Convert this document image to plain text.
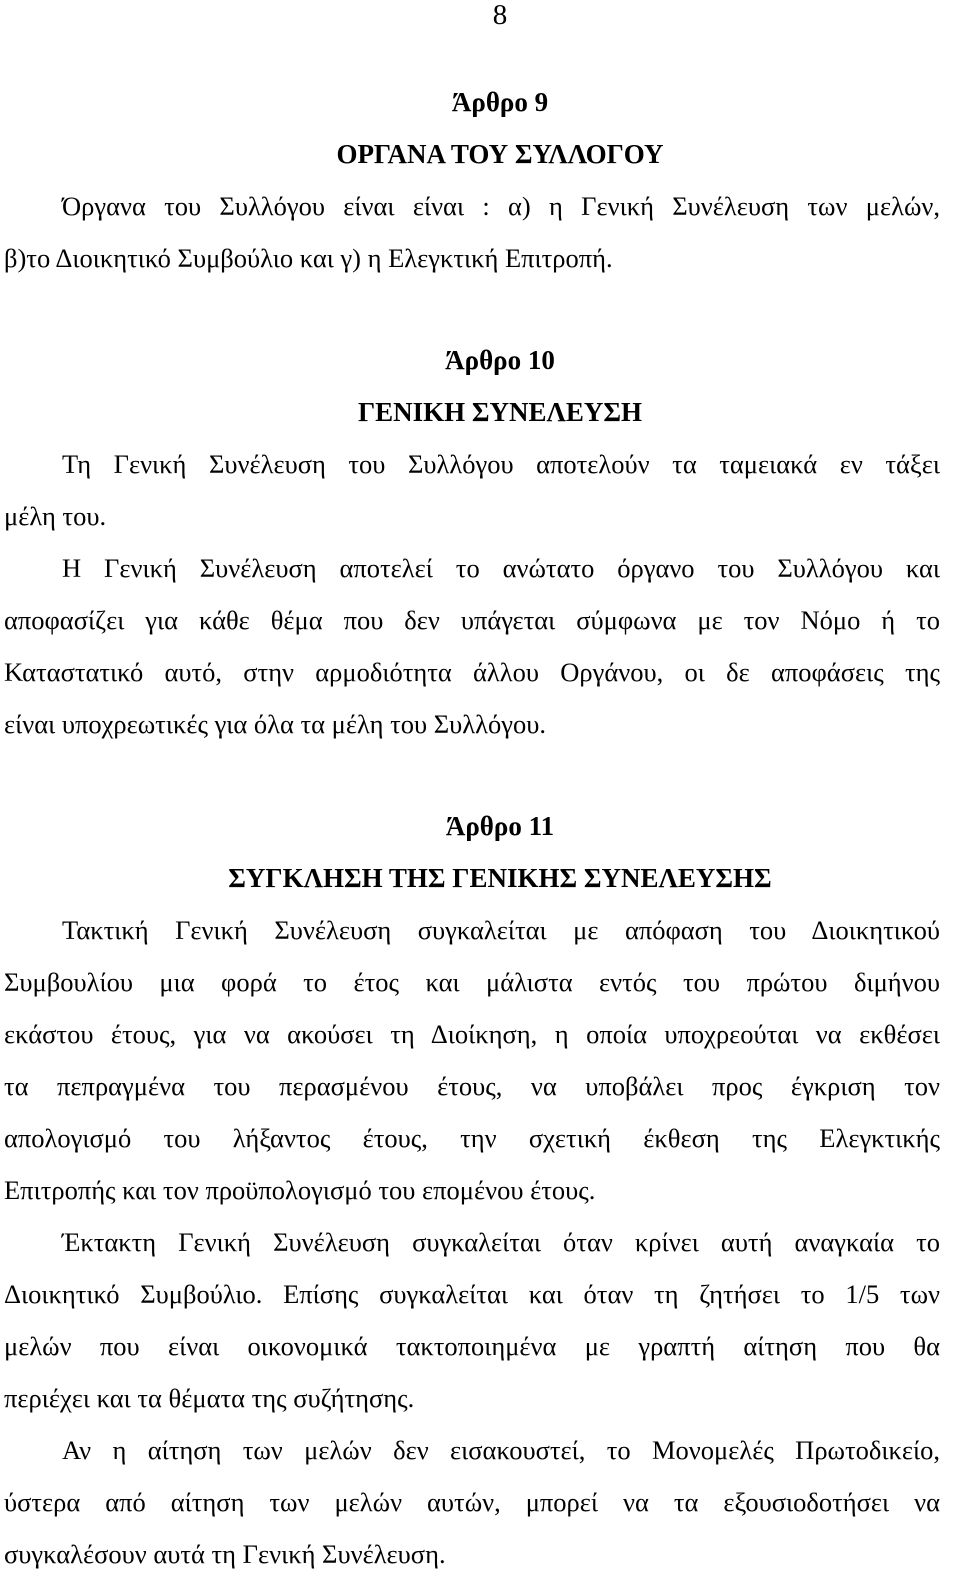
8
Άρθρο 9
ΟΡΓΑΝΑ ΤΟΥ ΣΥΛΛΟΓΟΥ
Όργανα του Συλλόγου είναι είναι : α) η Γενική Συνέλευση των μελών,
β)το Διοικητικό Συμβούλιο και γ) η Ελεγκτική Επιτροπή.
Άρθρο 10
ΓΕΝΙΚΗ ΣΥΝΕΛΕΥΣΗ
Τη Γενική Συνέλευση του Συλλόγου αποτελούν τα ταμειακά εν τάξει
μέλη του.
Η Γενική Συνέλευση αποτελεί το ανώτατο όργανο του Συλλόγου και
αποφασίζει για κάθε θέμα που δεν υπάγεται σύμφωνα με τον Νόμο ή το
Καταστατικό αυτό, στην αρμοδιότητα άλλου Οργάνου, οι δε αποφάσεις της
είναι υποχρεωτικές για όλα τα μέλη του Συλλόγου.
Άρθρο 11
ΣΥΓΚΛΗΣΗ ΤΗΣ ΓΕΝΙΚΗΣ ΣΥΝΕΛΕΥΣΗΣ
Τακτική Γενική Συνέλευση συγκαλείται με απόφαση του Διοικητικού
Συμβουλίου μια φορά το έτος και μάλιστα εντός του πρώτου διμήνου
εκάστου έτους, για να ακούσει τη Διοίκηση, η οποία υποχρεούται να εκθέσει
τα πεπραγμένα του περασμένου έτους, να υποβάλει προς έγκριση τον
απολογισμό του λήξαντος έτους, την σχετική έκθεση της Ελεγκτικής
Επιτροπής και τον προϋπολογισμό του επομένου έτους.
Έκτακτη Γενική Συνέλευση συγκαλείται όταν κρίνει αυτή αναγκαία το
Διοικητικό Συμβούλιο. Επίσης συγκαλείται και όταν τη ζητήσει το 1/5 των
μελών που είναι οικονομικά τακτοποιημένα με γραπτή αίτηση που θα
περιέχει και τα θέματα της συζήτησης.
Αν η αίτηση των μελών δεν εισακουστεί, το Μονομελές Πρωτοδικείο,
ύστερα από αίτηση των μελών αυτών, μπορεί να τα εξουσιοδοτήσει να
συγκαλέσουν αυτά τη Γενική Συνέλευση.
